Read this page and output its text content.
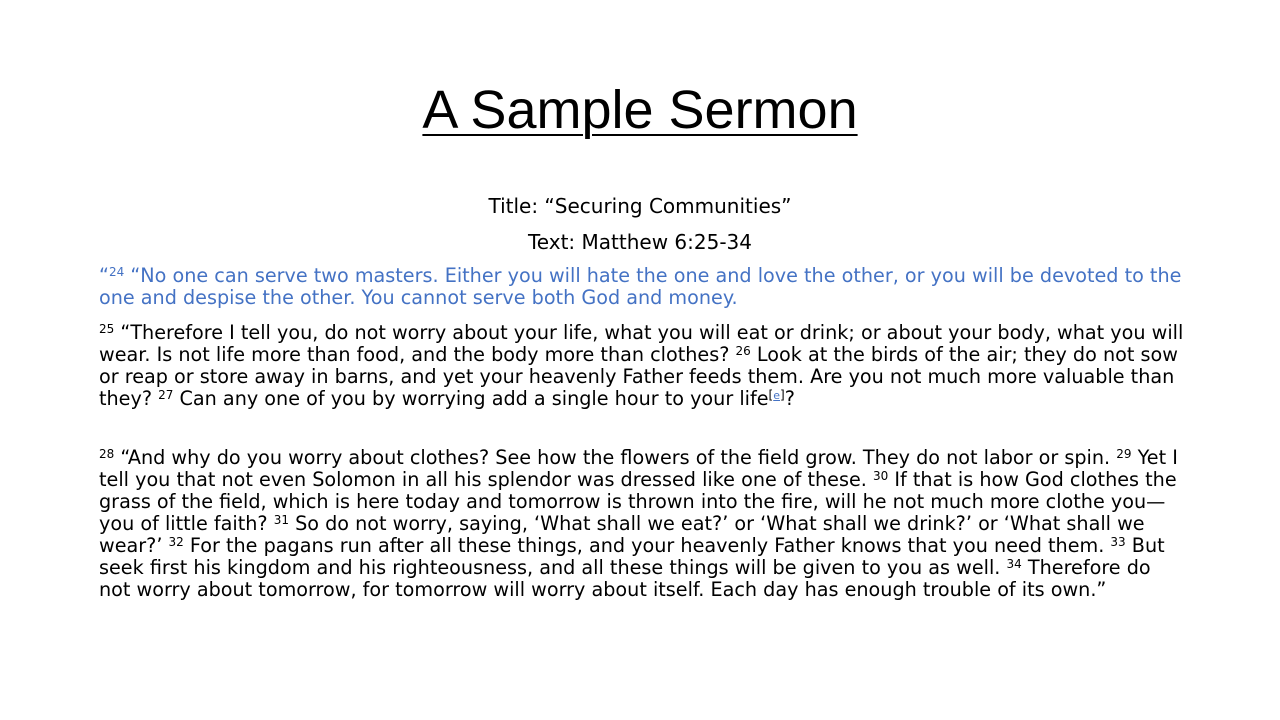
A Sample Sermon
Title: “Securing Communities”
Text: Matthew 6:25-34

“$^{24}$ “No one can serve two masters. Either you will hate the one and love the other, or you will be devoted to the one and despise the other. You cannot serve both God and money.

$^{25}$ “Therefore I tell you, do not worry about your life, what you will eat or drink; or about your body, what you will wear. Is not life more than food, and the body more than clothes? $^{26}$ Look at the birds of the air; they do not sow or reap or store away in barns, and yet your heavenly Father feeds them. Are you not much more valuable than they? $^{27}$ Can any one of you by worrying add a single hour to your life[e]?

$^{28}$ “And why do you worry about clothes? See how the flowers of the field grow. They do not labor or spin. $^{29}$ Yet I tell you that not even Solomon in all his splendor was dressed like one of these. $^{30}$ If that is how God clothes the grass of the field, which is here today and tomorrow is thrown into the fire, will he not much more clothe you—you of little faith? $^{31}$ So do not worry, saying, ‘What shall we eat?’ or ‘What shall we drink?’ or ‘What shall we wear?’ $^{32}$ For the pagans run after all these things, and your heavenly Father knows that you need them. $^{33}$ But seek first his kingdom and his righteousness, and all these things will be given to you as well. $^{34}$ Therefore do not worry about tomorrow, for tomorrow will worry about itself. Each day has enough trouble of its own.”
